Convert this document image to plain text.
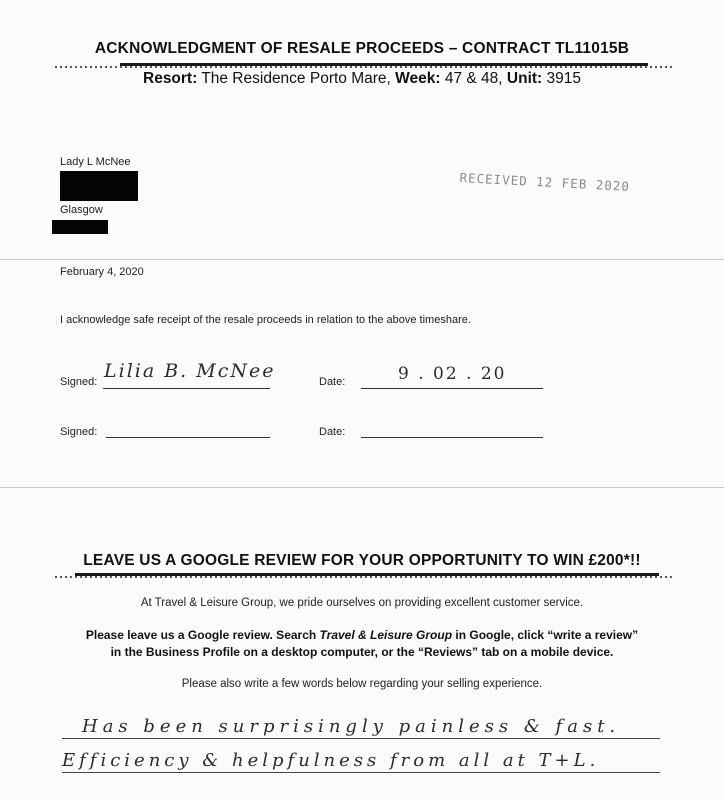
ACKNOWLEDGMENT OF RESALE PROCEEDS – CONTRACT TL11015B
Resort: The Residence Porto Mare, Week: 47 & 48, Unit: 3915
Lady L McNee
Glasgow
RECEIVED 12 FEB 2020
February 4, 2020
I acknowledge safe receipt of the resale proceeds in relation to the above timeshare.
Signed: Lilia B. McNee	Date:	9 . 02 . 20
Signed:	Date:
LEAVE US A GOOGLE REVIEW FOR YOUR OPPORTUNITY TO WIN £200*!!
At Travel & Leisure Group, we pride ourselves on providing excellent customer service.
Please leave us a Google review. Search Travel & Leisure Group in Google, click “write a review”
in the Business Profile on a desktop computer, or the “Reviews” tab on a mobile device.
Please also write a few words below regarding your selling experience.
Has been surprisingly painless & fast.
Efficiency & helpfulness from all at T+L.
